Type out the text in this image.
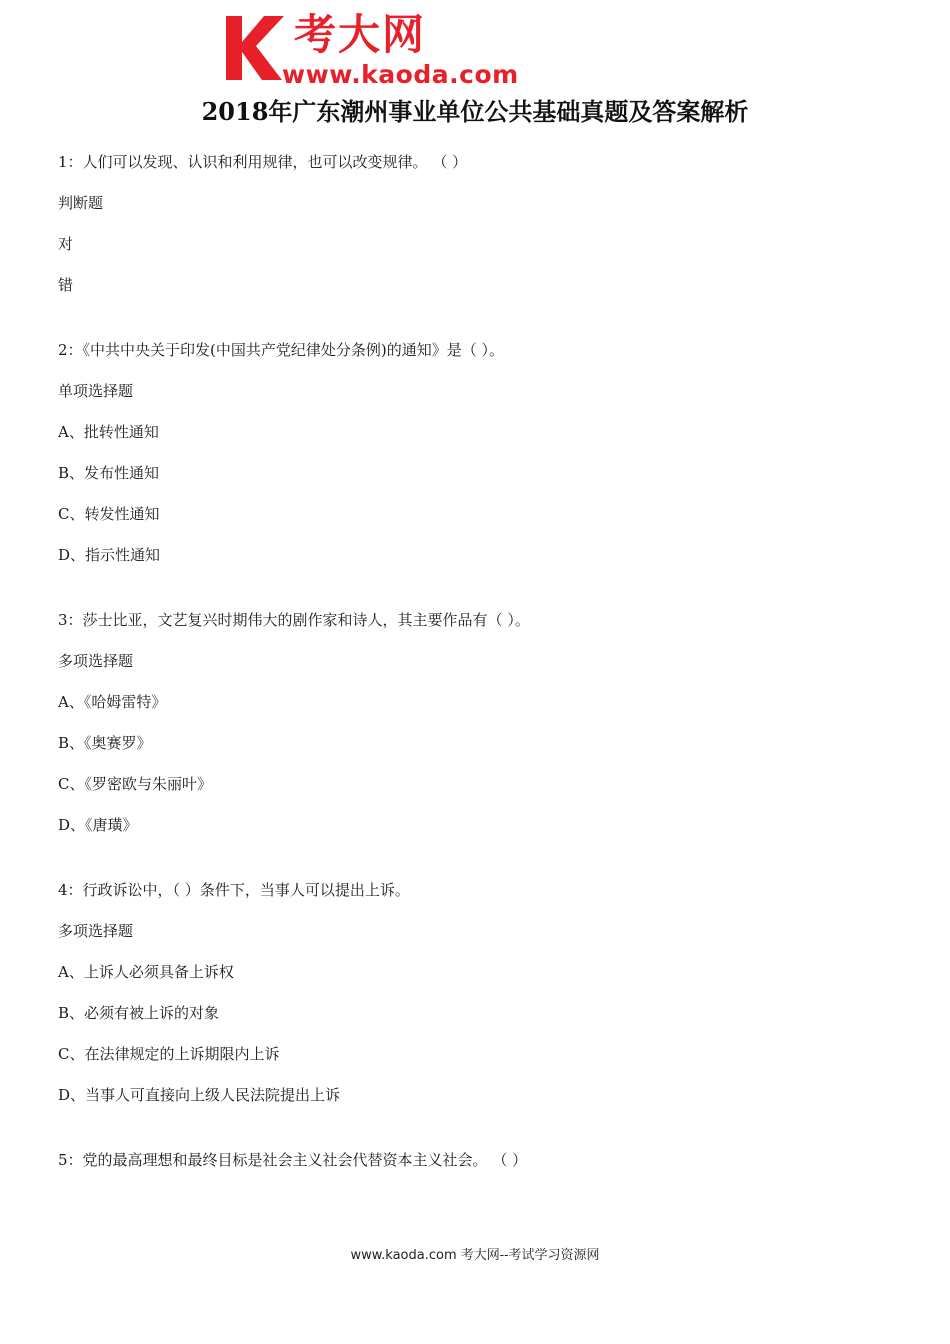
考大网
www.kaoda.com
2018年广东潮州事业单位公共基础真题及答案解析
1：人们可以发现、认识和利用规律，也可以改变规律。 （ ）
判断题
对
错
2：《中共中央关于印发(中国共产党纪律处分条例)的通知》是（ ）。
单项选择题
A、批转性通知
B、发布性通知
C、转发性通知
D、指示性通知
3：莎士比亚，文艺复兴时期伟大的剧作家和诗人，其主要作品有（ ）。
多项选择题
A、《哈姆雷特》
B、《奥赛罗》
C、《罗密欧与朱丽叶》
D、《唐璜》
4：行政诉讼中，（ ）条件下，当事人可以提出上诉。
多项选择题
A、上诉人必须具备上诉权
B、必须有被上诉的对象
C、在法律规定的上诉期限内上诉
D、当事人可直接向上级人民法院提出上诉
5：党的最高理想和最终目标是社会主义社会代替资本主义社会。 （ ）
www.kaoda.com 考大网--考试学习资源网
